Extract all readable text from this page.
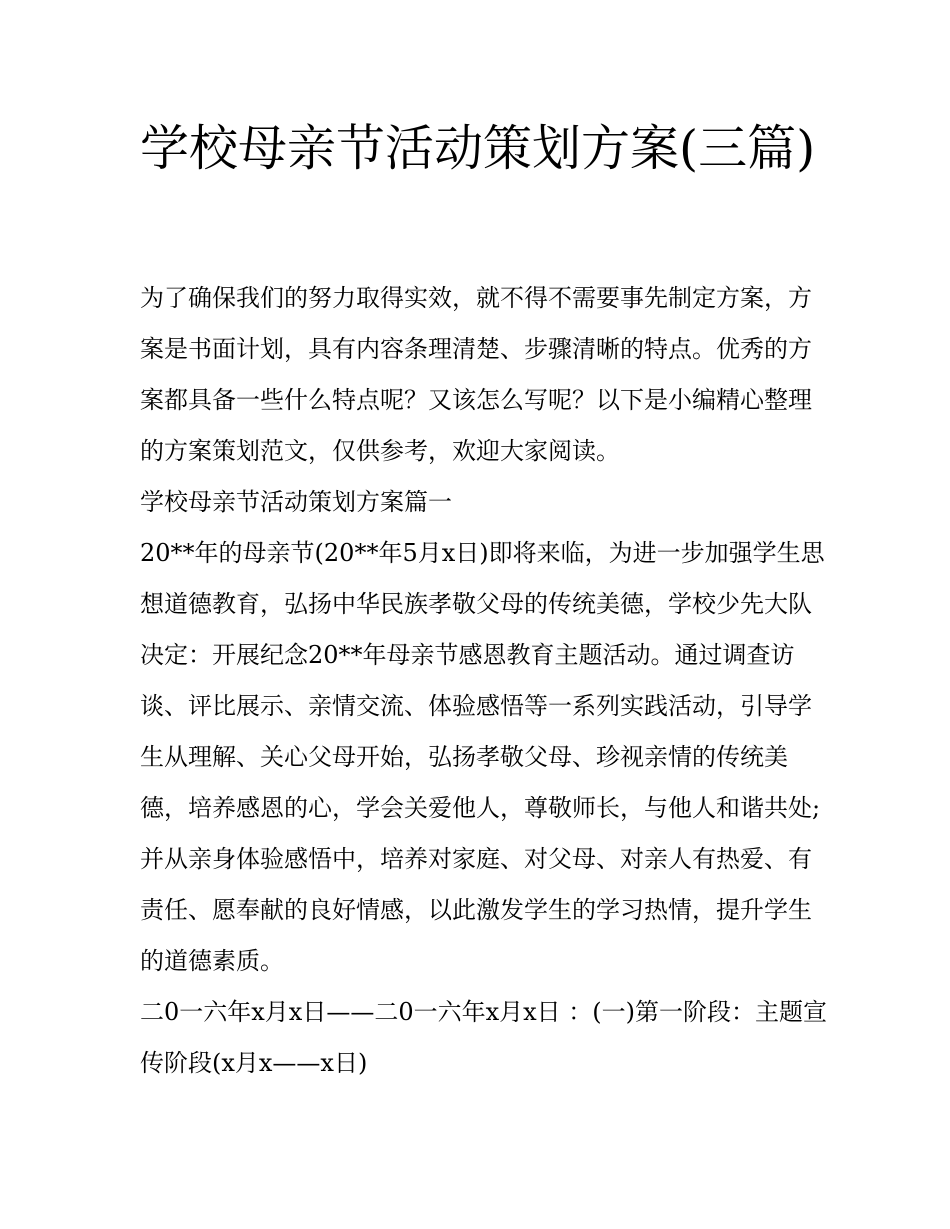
学校母亲节活动策划方案(三篇)

为了确保我们的努力取得实效，就不得不需要事先制定方案，方案是书面计划，具有内容条理清楚、步骤清晰的特点。优秀的方案都具备一些什么特点呢？又该怎么写呢？以下是小编精心整理的方案策划范文，仅供参考，欢迎大家阅读。

学校母亲节活动策划方案篇一

20**年的母亲节(20**年5月x日)即将来临，为进一步加强学生思想道德教育，弘扬中华民族孝敬父母的传统美德，学校少先大队决定：开展纪念20**年母亲节感恩教育主题活动。通过调查访谈、评比展示、亲情交流、体验感悟等一系列实践活动，引导学生从理解、关心父母开始，弘扬孝敬父母、珍视亲情的传统美德，培养感恩的心，学会关爱他人，尊敬师长，与他人和谐共处;并从亲身体验感悟中，培养对家庭、对父母、对亲人有热爱、有责任、愿奉献的良好情感，以此激发学生的学习热情，提升学生的道德素质。

二0一六年x月x日——二0一六年x月x日 ：(一)第一阶段：主题宣传阶段(x月x——x日)
